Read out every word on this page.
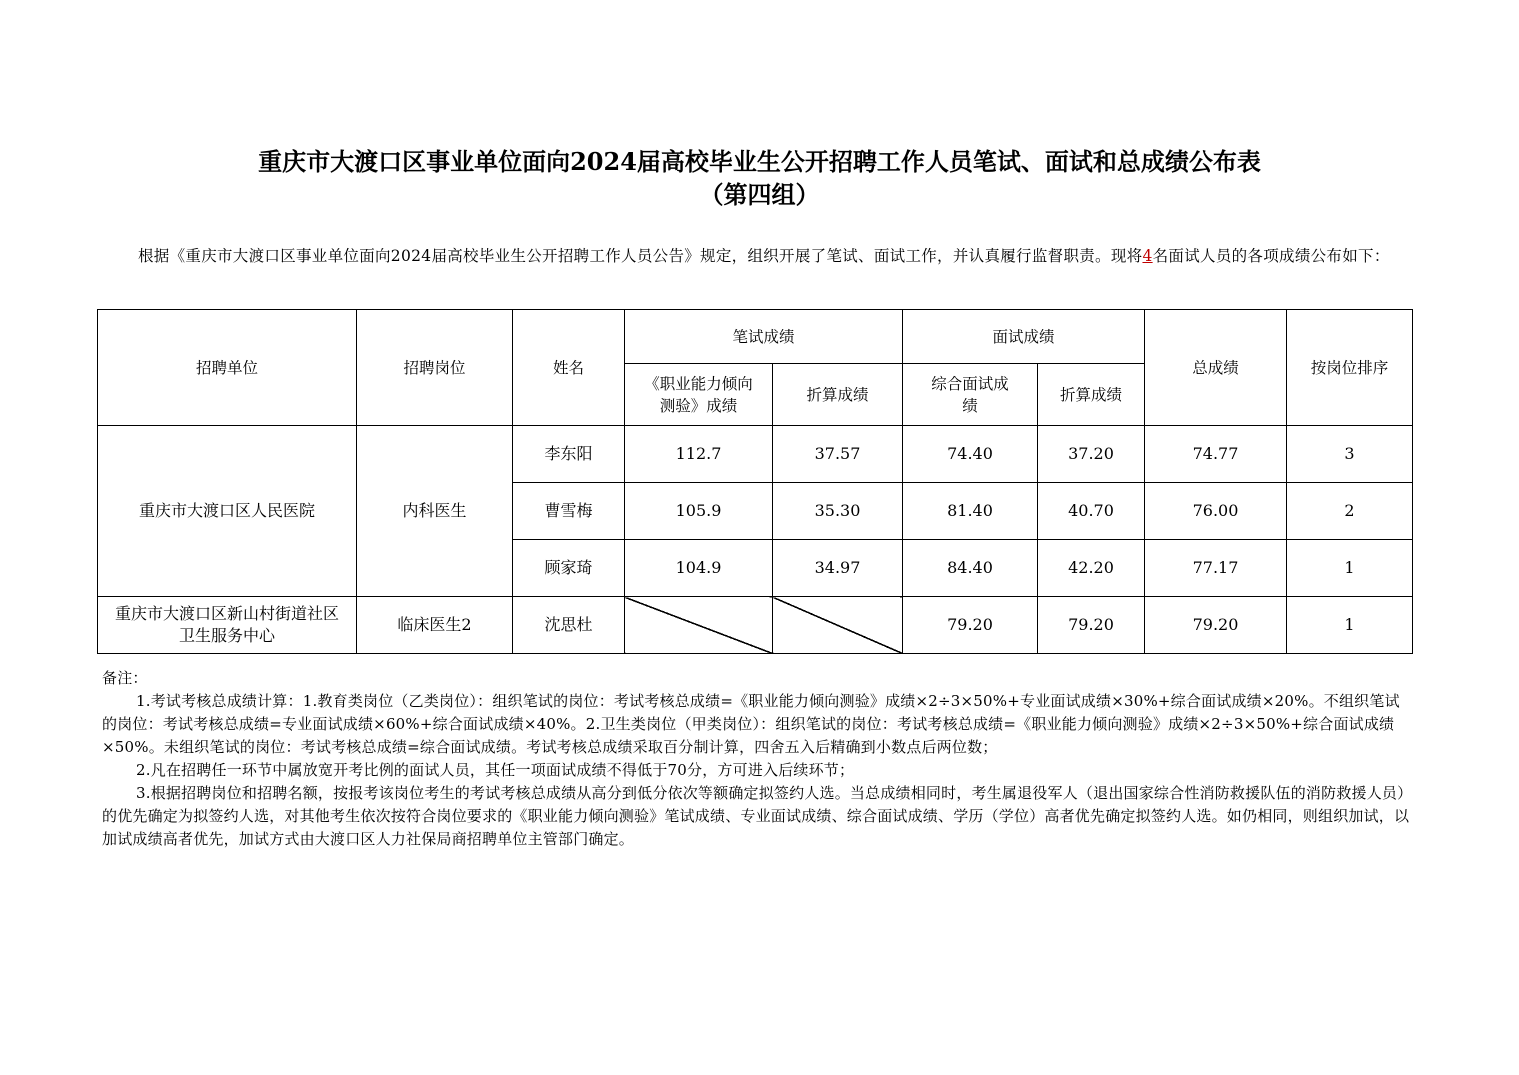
重庆市大渡口区事业单位面向2024届高校毕业生公开招聘工作人员笔试、面试和总成绩公布表
（第四组）
根据《重庆市大渡口区事业单位面向2024届高校毕业生公开招聘工作人员公告》规定，组织开展了笔试、面试工作，并认真履行监督职责。现将4名面试人员的各项成绩公布如下：
招聘单位	招聘岗位	姓名	笔试成绩		面试成绩		总成绩	按岗位排序
			《职业能力倾向测验》成绩	折算成绩	综合面试成绩	折算成绩		
重庆市大渡口区人民医院	内科医生	李东阳	112.7	37.57	74.40	37.20	74.77	3
		曹雪梅	105.9	35.30	81.40	40.70	76.00	2
		顾家琦	104.9	34.97	84.40	42.20	77.17	1
重庆市大渡口区新山村街道社区卫生服务中心	临床医生2	沈思杜			79.20	79.20	79.20	1

备注：

1.考试考核总成绩计算：1.教育类岗位（乙类岗位）：组织笔试的岗位：考试考核总成绩=《职业能力倾向测验》成绩×2÷3×50%+专业面试成绩×30%+综合面试成绩×20%。不组织笔试的岗位：考试考核总成绩=专业面试成绩×60%+综合面试成绩×40%。2.卫生类岗位（甲类岗位）：组织笔试的岗位：考试考核总成绩=《职业能力倾向测验》成绩×2÷3×50%+综合面试成绩×50%。未组织笔试的岗位：考试考核总成绩=综合面试成绩。考试考核总成绩采取百分制计算，四舍五入后精确到小数点后两位数；

2.凡在招聘任一环节中属放宽开考比例的面试人员，其任一项面试成绩不得低于70分，方可进入后续环节；

3.根据招聘岗位和招聘名额，按报考该岗位考生的考试考核总成绩从高分到低分依次等额确定拟签约人选。当总成绩相同时，考生属退役军人（退出国家综合性消防救援队伍的消防救援人员）的优先确定为拟签约人选，对其他考生依次按符合岗位要求的《职业能力倾向测验》笔试成绩、专业面试成绩、综合面试成绩、学历（学位）高者优先确定拟签约人选。如仍相同，则组织加试，以加试成绩高者优先，加试方式由大渡口区人力社保局商招聘单位主管部门确定。
